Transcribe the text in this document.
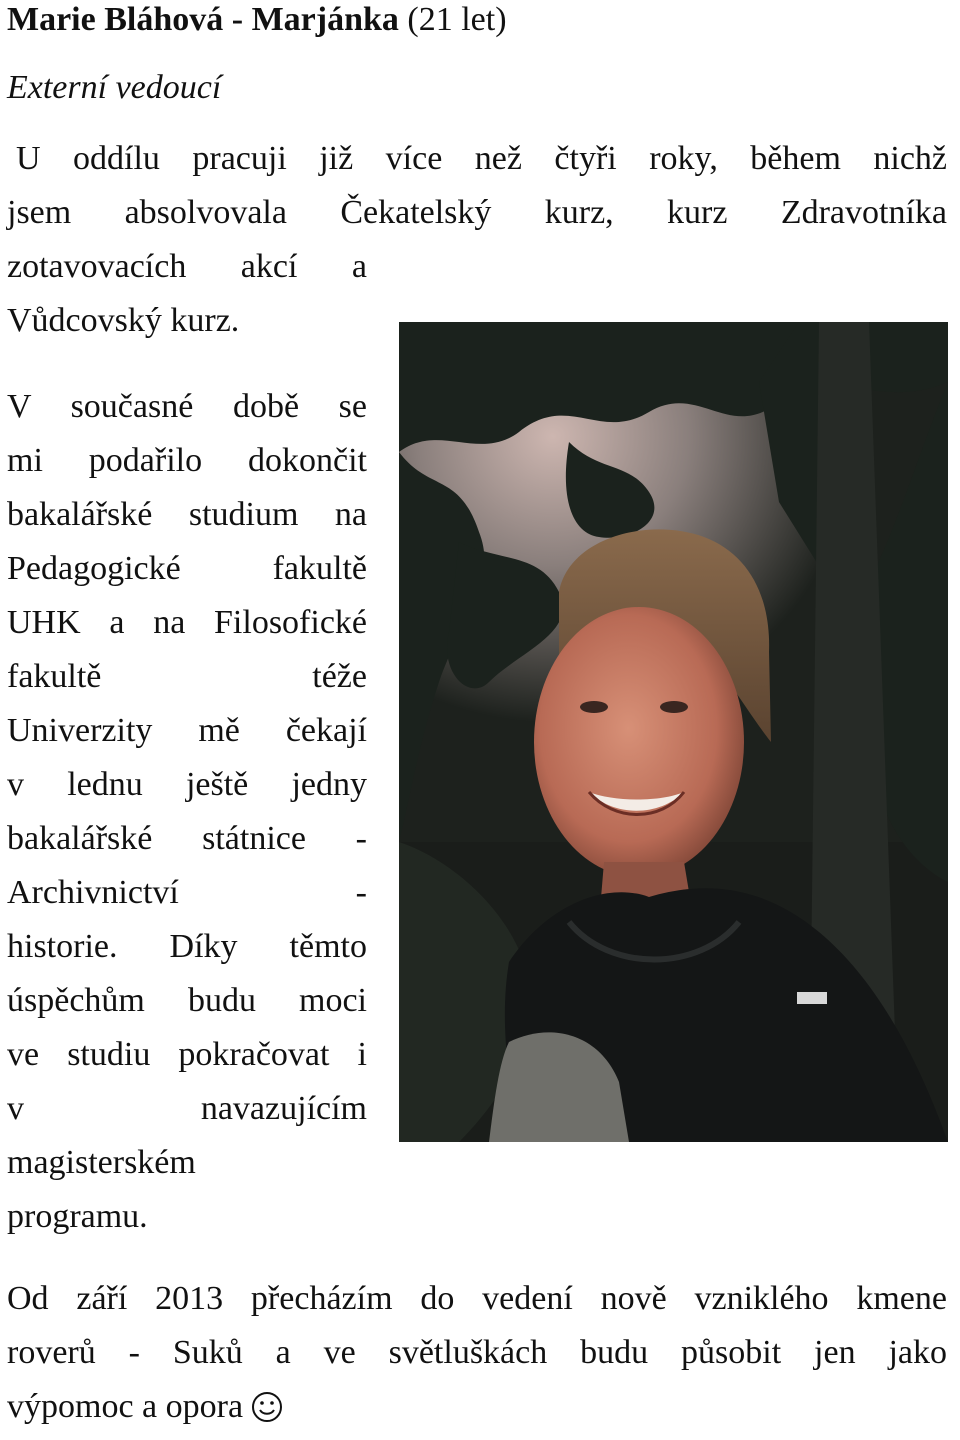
Marie Bláhová - Marjánka (21 let)
Externí vedoucí
U oddílu pracuji již více než čtyři roky, během nichž
jsem absolvovala Čekatelský kurz, kurz Zdravotníka
zotavovacích akcí a
Vůdcovský kurz.
V současné době se
mi podařilo dokončit
bakalářské studium na
Pedagogické fakultě
UHK a na Filosofické
fakultě téže
Univerzity mě čekají
v lednu ještě jedny
bakalářské státnice -
Archivnictví -
historie. Díky těmto
úspěchům budu moci
ve studiu pokračovat i
v navazujícím
magisterském
programu.
Od září 2013 přecházím do vedení nově vzniklého kmene
roverů - Suků a ve světluškách budu působit jen jako
výpomoc a opora
